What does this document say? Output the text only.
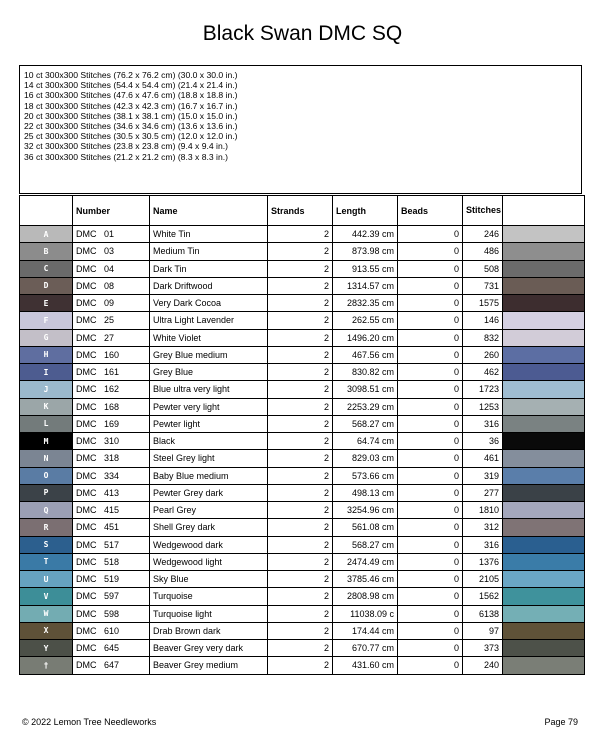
Black Swan DMC SQ
10 ct 300x300 Stitches (76.2 x 76.2 cm) (30.0 x 30.0 in.)
14 ct 300x300 Stitches (54.4 x 54.4 cm) (21.4 x 21.4 in.)
16 ct 300x300 Stitches (47.6 x 47.6 cm) (18.8 x 18.8 in.)
18 ct 300x300 Stitches (42.3 x 42.3 cm) (16.7 x 16.7 in.)
20 ct 300x300 Stitches (38.1 x 38.1 cm) (15.0 x 15.0 in.)
22 ct 300x300 Stitches (34.6 x 34.6 cm) (13.6 x 13.6 in.)
25 ct 300x300 Stitches (30.5 x 30.5 cm) (12.0 x 12.0 in.)
32 ct 300x300 Stitches (23.8 x 23.8 cm) (9.4 x 9.4 in.)
36 ct 300x300 Stitches (21.2 x 21.2 cm) (8.3 x 8.3 in.)
	Number	Name	Strands	Length	Beads	Stitches	
A	DMC 01	White Tin	2	442.39 cm	0	246	
B	DMC 03	Medium Tin	2	873.98 cm	0	486	
C	DMC 04	Dark Tin	2	913.55 cm	0	508	
D	DMC 08	Dark Driftwood	2	1314.57 cm	0	731	
E	DMC 09	Very Dark Cocoa	2	2832.35 cm	0	1575	
F	DMC 25	Ultra Light Lavender	2	262.55 cm	0	146	
G	DMC 27	White Violet	2	1496.20 cm	0	832	
H	DMC 160	Grey Blue medium	2	467.56 cm	0	260	
I	DMC 161	Grey Blue	2	830.82 cm	0	462	
J	DMC 162	Blue ultra very light	2	3098.51 cm	0	1723	
K	DMC 168	Pewter very light	2	2253.29 cm	0	1253	
L	DMC 169	Pewter light	2	568.27 cm	0	316	
M	DMC 310	Black	2	64.74 cm	0	36	
N	DMC 318	Steel Grey light	2	829.03 cm	0	461	
O	DMC 334	Baby Blue medium	2	573.66 cm	0	319	
P	DMC 413	Pewter Grey dark	2	498.13 cm	0	277	
Q	DMC 415	Pearl Grey	2	3254.96 cm	0	1810	
R	DMC 451	Shell Grey dark	2	561.08 cm	0	312	
S	DMC 517	Wedgewood dark	2	568.27 cm	0	316	
T	DMC 518	Wedgewood light	2	2474.49 cm	0	1376	
U	DMC 519	Sky Blue	2	3785.46 cm	0	2105	
V	DMC 597	Turquoise	2	2808.98 cm	0	1562	
W	DMC 598	Turquoise light	2	11038.09 c	0	6138	
X	DMC 610	Drab Brown dark	2	174.44 cm	0	97	
Y	DMC 645	Beaver Grey very dark	2	670.77 cm	0	373	
†	DMC 647	Beaver Grey medium	2	431.60 cm	0	240	
© 2022 Lemon Tree Needleworks	Page 79
